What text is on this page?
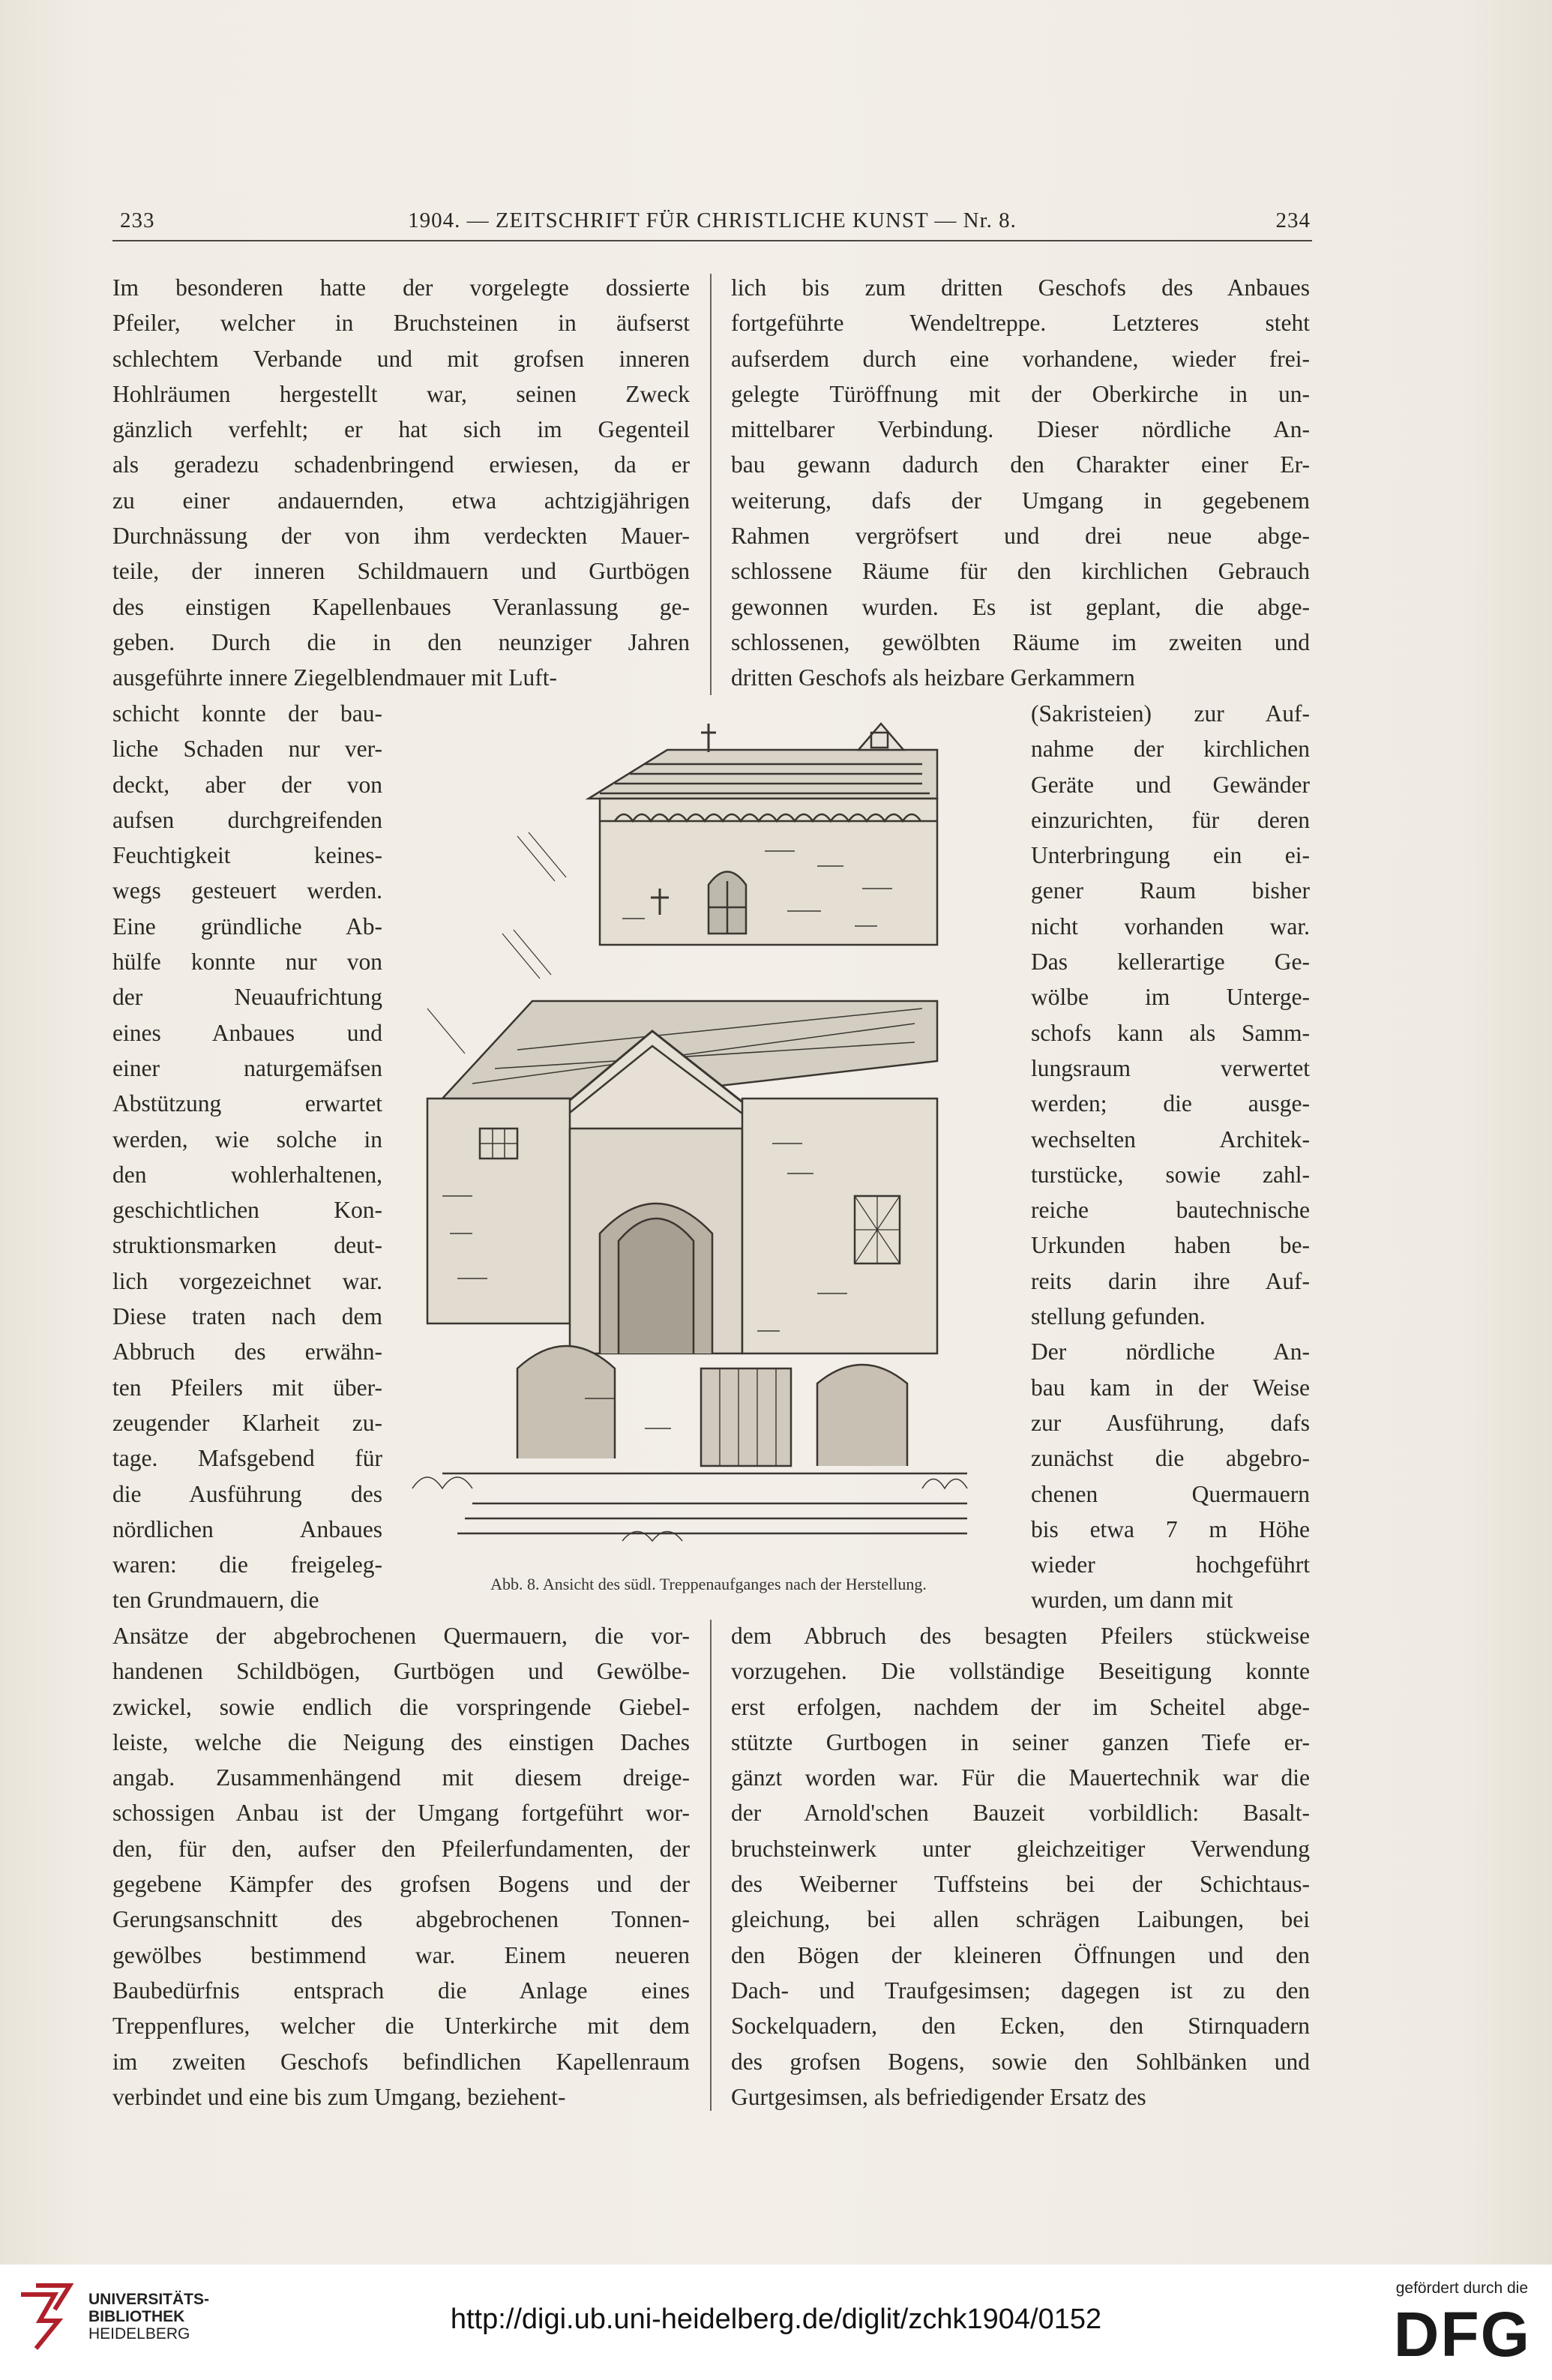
233	1904. — ZEITSCHRIFT FÜR CHRISTLICHE KUNST — Nr. 8.	234
Im besonderen hatte der vorgelegte dossierte
Pfeiler, welcher in Bruchsteinen in äufserst
schlechtem Verbande und mit grofsen inneren
Hohlräumen hergestellt war, seinen Zweck
gänzlich verfehlt; er hat sich im Gegenteil
als geradezu schadenbringend erwiesen, da er
zu einer andauernden, etwa achtzigjährigen
Durchnässung der von ihm verdeckten Mauer-
teile, der inneren Schildmauern und Gurtbögen
des einstigen Kapellenbaues Veranlassung ge-
geben. Durch die in den neunziger Jahren
ausgeführte innere Ziegelblendmauer mit Luft-
schicht konnte der bau-
liche Schaden nur ver-
deckt, aber der von
aufsen durchgreifenden
Feuchtigkeit keines-
wegs gesteuert werden.
Eine gründliche Ab-
hülfe konnte nur von
der Neuaufrichtung
eines Anbaues und
einer naturgemäfsen
Abstützung erwartet
werden, wie solche in
den wohlerhaltenen,
geschichtlichen Kon-
struktionsmarken deut-
lich vorgezeichnet war.
Diese traten nach dem
Abbruch des erwähn-
ten Pfeilers mit über-
zeugender Klarheit zu-
tage. Mafsgebend für
die Ausführung des
nördlichen Anbaues
waren: die freigeleg-
ten Grundmauern, die
Ansätze der abgebrochenen Quermauern, die vor-
handenen Schildbögen, Gurtbögen und Gewölbe-
zwickel, sowie endlich die vorspringende Giebel-
leiste, welche die Neigung des einstigen Daches
angab. Zusammenhängend mit diesem dreige-
schossigen Anbau ist der Umgang fortgeführt wor-
den, für den, aufser den Pfeilerfundamenten, der
gegebene Kämpfer des grofsen Bogens und der
Gerungsanschnitt des abgebrochenen Tonnen-
gewölbes bestimmend war. Einem neueren
Baubedürfnis entsprach die Anlage eines
Treppenflures, welcher die Unterkirche mit dem
im zweiten Geschofs befindlichen Kapellenraum
verbindet und eine bis zum Umgang, beziehent-
lich bis zum dritten Geschofs des Anbaues
fortgeführte Wendeltreppe. Letzteres steht
aufserdem durch eine vorhandene, wieder frei-
gelegte Türöffnung mit der Oberkirche in un-
mittelbarer Verbindung. Dieser nördliche An-
bau gewann dadurch den Charakter einer Er-
weiterung, dafs der Umgang in gegebenem
Rahmen vergröfsert und drei neue abge-
schlossene Räume für den kirchlichen Gebrauch
gewonnen wurden. Es ist geplant, die abge-
schlossenen, gewölbten Räume im zweiten und
dritten Geschofs als heizbare Gerkammern
(Sakristeien) zur Auf-
nahme der kirchlichen
Geräte und Gewänder
einzurichten, für deren
Unterbringung ein ei-
gener Raum bisher
nicht vorhanden war.
Das kellerartige Ge-
wölbe im Unterge-
schofs kann als Samm-
lungsraum verwertet
werden; die ausge-
wechselten Architek-
turstücke, sowie zahl-
reiche bautechnische
Urkunden haben be-
reits darin ihre Auf-
stellung gefunden.
Der nördliche An-
bau kam in der Weise
zur Ausführung, dafs
zunächst die abgebro-
chenen Quermauern
bis etwa 7 m Höhe
wieder hochgeführt
wurden, um dann mit
dem Abbruch des besagten Pfeilers stückweise
vorzugehen. Die vollständige Beseitigung konnte
erst erfolgen, nachdem der im Scheitel abge-
stützte Gurtbogen in seiner ganzen Tiefe er-
gänzt worden war. Für die Mauertechnik war die
der Arnold'schen Bauzeit vorbildlich: Basalt-
bruchsteinwerk unter gleichzeitiger Verwendung
des Weiberner Tuffsteins bei der Schichtaus-
gleichung, bei allen schrägen Laibungen, bei
den Bögen der kleineren Öffnungen und den
Dach- und Traufgesimsen; dagegen ist zu den
Sockelquadern, den Ecken, den Stirnquadern
des grofsen Bogens, sowie den Sohlbänken und
Gurtgesimsen, als befriedigender Ersatz des
Abb. 8. Ansicht des südl. Treppenaufganges nach der Herstellung.
UNIVERSITÄTS-
BIBLIOTHEK
HEIDELBERG	http://digi.ub.uni-heidelberg.de/diglit/zchk1904/0152
gefördert durch die
DFG
